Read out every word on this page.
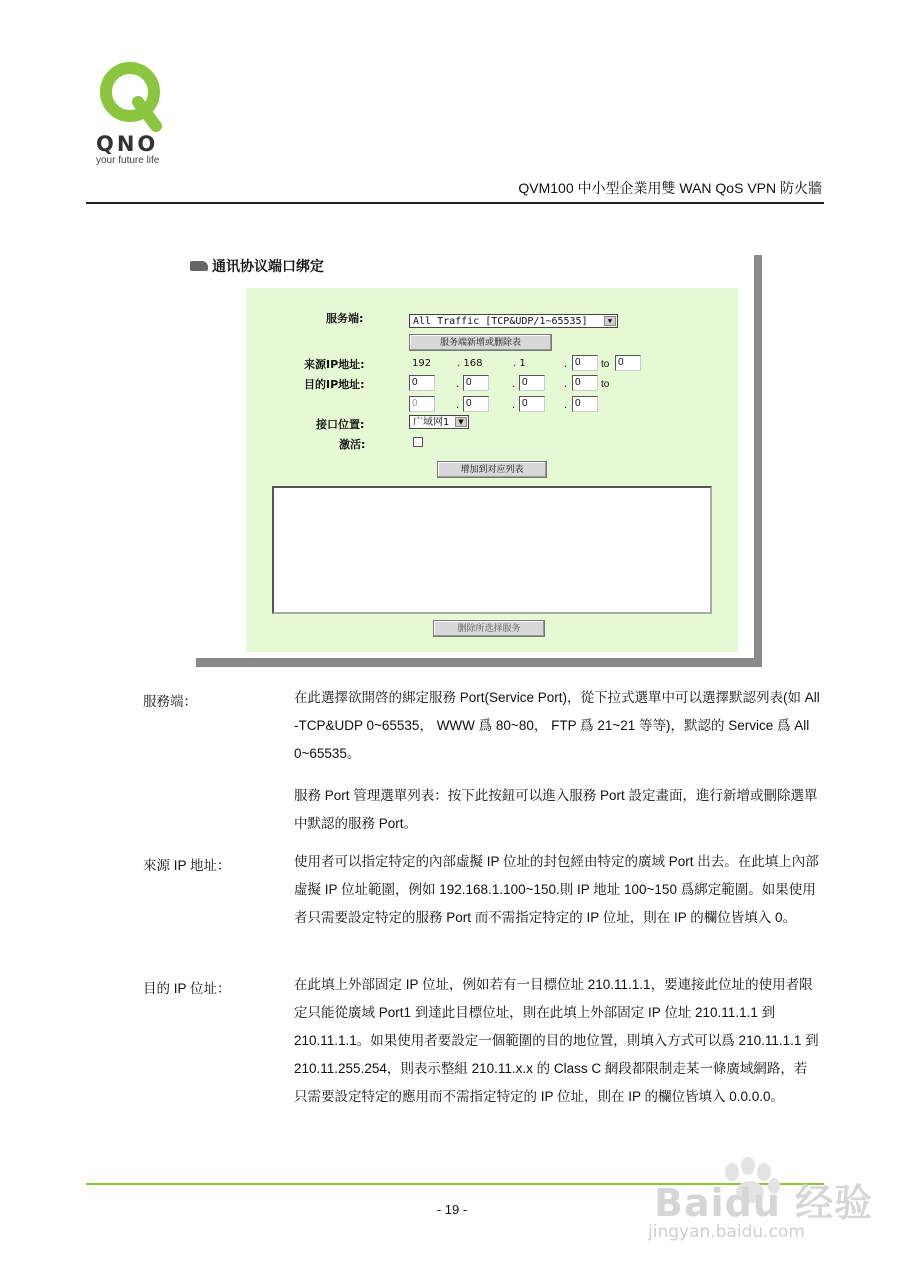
QNO
your future life
QVM100 中小型企業用雙 WAN QoS VPN 防火牆
通讯协议端口绑定
服务端:	All Traffic [TCP&UDP/1~65535]	▼
服务端新增或删除表
来源IP地址:	192	. 168	. 1	. 0	to 0
目的IP地址:	0	. 0	. 0	. 0	to
0	. 0	. 0	. 0
接口位置:	广域网1	▼
激活:
增加到对应列表
删除所选择服务
服務端：	在此選擇欲開啓的綁定服務 Port(Service Port)，從下拉式選單中可以選擇默認列表(如 All -TCP&UDP 0~65535， WWW 爲 80~80， FTP 爲 21~21 等等)，默認的 Service 爲 All 0~65535。

服務 Port 管理選單列表：按下此按鈕可以進入服務 Port 設定畫面，進行新增或刪除選單中默認的服務 Port。

來源 IP 地址：	使用者可以指定特定的內部虛擬 IP 位址的封包經由特定的廣域 Port 出去。在此填上內部虛擬 IP 位址範圍，例如 192.168.1.100~150.則 IP 地址 100~150 爲綁定範圍。如果使用者只需要設定特定的服務 Port 而不需指定特定的 IP 位址，則在 IP 的欄位皆填入 0。

目的 IP 位址：	在此填上外部固定 IP 位址，例如若有一目標位址 210.11.1.1，要連接此位址的使用者限定只能從廣域 Port1 到達此目標位址，則在此填上外部固定 IP 位址 210.11.1.1 到 210.11.1.1。如果使用者要設定一個範圍的目的地位置，則填入方式可以爲 210.11.1.1 到 210.11.255.254，則表示整組 210.11.x.x 的 Class C 網段都限制走某一條廣域網路，若只需要設定特定的應用而不需指定特定的 IP 位址，則在 IP 的欄位皆填入 0.0.0.0。

- 19 -	Baidu 经验
jingyan.baidu.com
